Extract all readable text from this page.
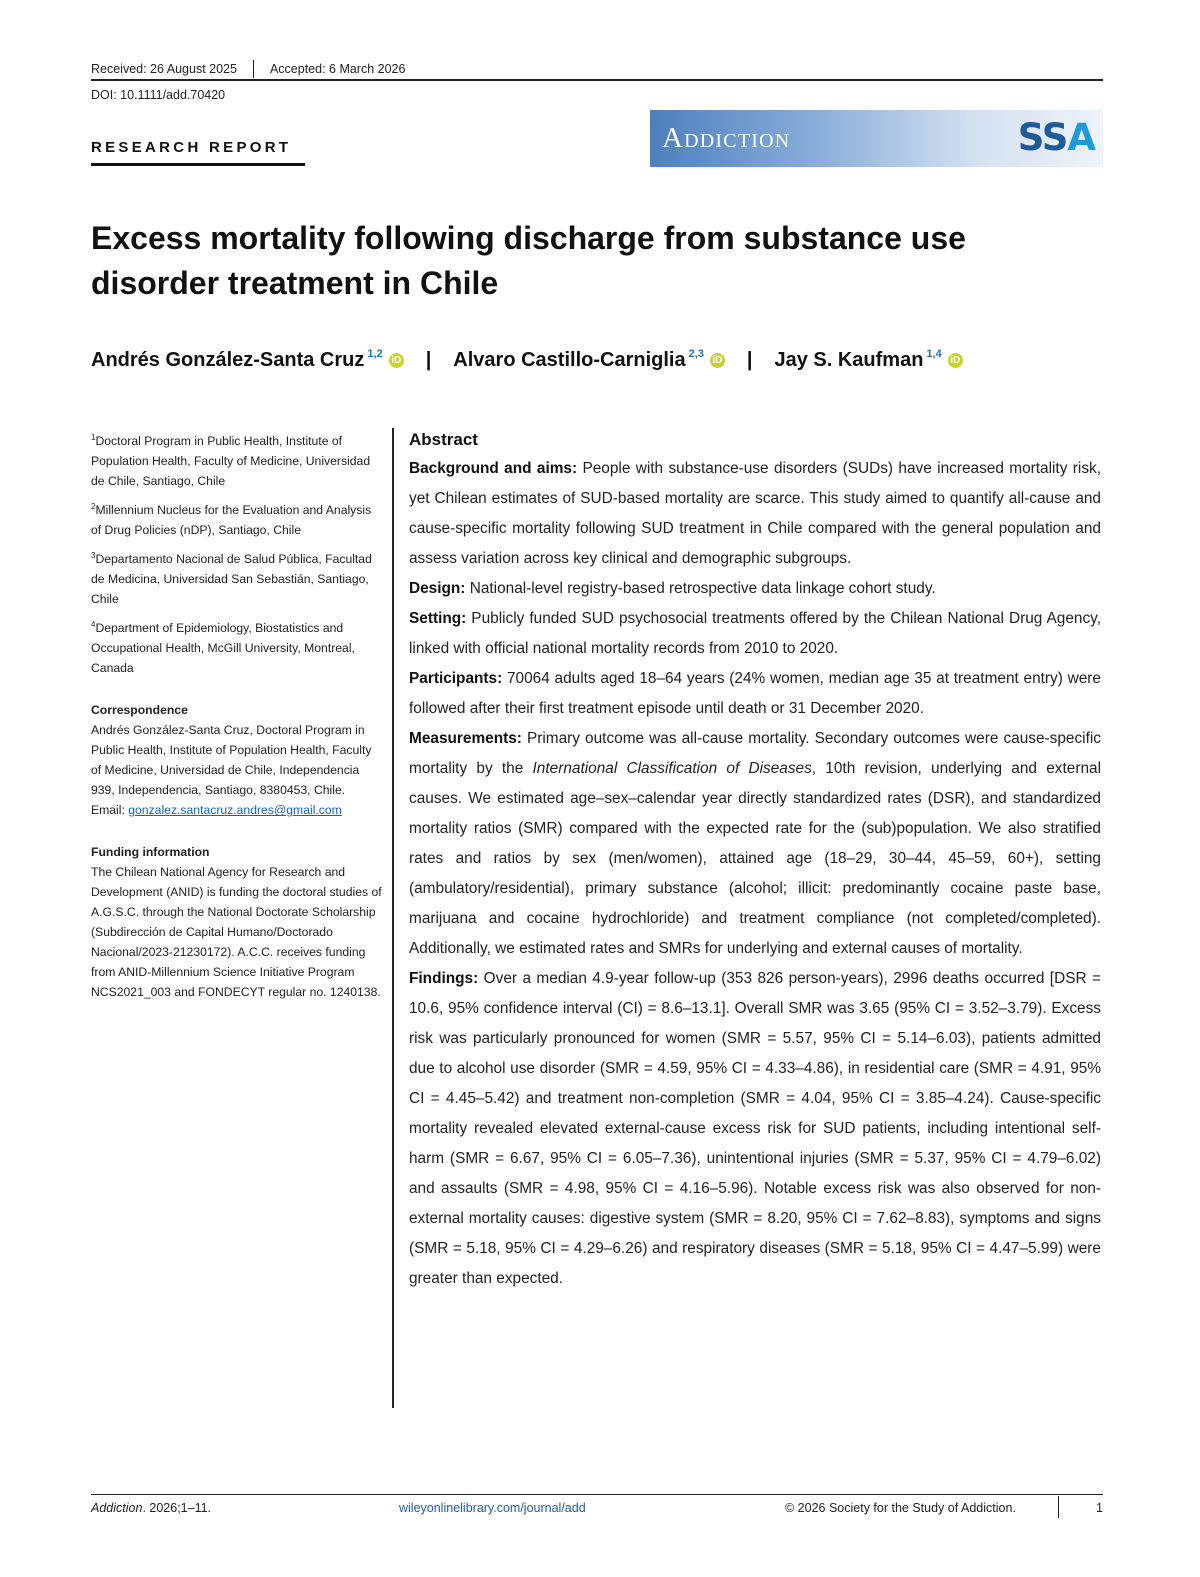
Received: 26 August 2025	Accepted: 6 March 2026
DOI: 10.1111/add.70420
RESEARCH REPORT	Addiction	SSA
Excess mortality following discharge from substance use disorder treatment in Chile
Andrés González-Santa Cruz $^{1,2}$
iD | Alvaro Castillo-Carniglia $^{2,3}$
iD | Jay S. Kaufman $^{1,4}$
iD
$^1$Doctoral Program in Public Health, Institute of Population Health, Faculty of Medicine, Universidad de Chile, Santiago, Chile
$^2$Millennium Nucleus for the Evaluation and Analysis of Drug Policies (nDP), Santiago, Chile
$^3$Departamento Nacional de Salud Pública, Facultad de Medicina, Universidad San Sebastián, Santiago, Chile
$^4$Department of Epidemiology, Biostatistics and Occupational Health, McGill University, Montreal, Canada
Correspondence
Andrés González-Santa Cruz, Doctoral Program in Public Health, Institute of Population Health, Faculty of Medicine, Universidad de Chile, Independencia 939, Independencia, Santiago, 8380453, Chile.
Email: gonzalez.santacruz.andres@gmail.com
Funding information
The Chilean National Agency for Research and Development (ANID) is funding the doctoral studies of A.G.S.C. through the National Doctorate Scholarship (Subdirección de Capital Humano/Doctorado Nacional/2023-21230172). A.C.C. receives funding from ANID-Millennium Science Initiative Program NCS2021_003 and FONDECYT regular no. 1240138.
Abstract

Background and aims: People with substance-use disorders (SUDs) have increased mortality risk, yet Chilean estimates of SUD-based mortality are scarce. This study aimed to quantify all-cause and cause-specific mortality following SUD treatment in Chile compared with the general population and assess variation across key clinical and demographic subgroups.

Design: National-level registry-based retrospective data linkage cohort study.

Setting: Publicly funded SUD psychosocial treatments offered by the Chilean National Drug Agency, linked with official national mortality records from 2010 to 2020.

Participants: 70064 adults aged 18–64 years (24% women, median age 35 at treatment entry) were followed after their first treatment episode until death or 31 December 2020.

Measurements: Primary outcome was all-cause mortality. Secondary outcomes were cause-specific mortality by the International Classification of Diseases, 10th revision, underlying and external causes. We estimated age–sex–calendar year directly standardized rates (DSR), and standardized mortality ratios (SMR) compared with the expected rate for the (sub)population. We also stratified rates and ratios by sex (men/women), attained age (18–29, 30–44, 45–59, 60+), setting (ambulatory/residential), primary substance (alcohol; illicit: predominantly cocaine paste base, marijuana and cocaine hydrochloride) and treatment compliance (not completed/completed). Additionally, we estimated rates and SMRs for underlying and external causes of mortality.

Findings: Over a median 4.9-year follow-up (353 826 person-years), 2996 deaths occurred [DSR = 10.6, 95% confidence interval (CI) = 8.6–13.1]. Overall SMR was 3.65 (95% CI = 3.52–3.79). Excess risk was particularly pronounced for women (SMR = 5.57, 95% CI = 5.14–6.03), patients admitted due to alcohol use disorder (SMR = 4.59, 95% CI = 4.33–4.86), in residential care (SMR = 4.91, 95% CI = 4.45–5.42) and treatment non-completion (SMR = 4.04, 95% CI = 3.85–4.24). Cause-specific mortality revealed elevated external-cause excess risk for SUD patients, including intentional self-harm (SMR = 6.67, 95% CI = 6.05–7.36), unintentional injuries (SMR = 5.37, 95% CI = 4.79–6.02) and assaults (SMR = 4.98, 95% CI = 4.16–5.96). Notable excess risk was also observed for non-external mortality causes: digestive system (SMR = 8.20, 95% CI = 7.62–8.83), symptoms and signs (SMR = 5.18, 95% CI = 4.29–6.26) and respiratory diseases (SMR = 5.18, 95% CI = 4.47–5.99) were greater than expected.

Addiction. 2026;1–11.	wileyonlinelibrary.com/journal/add	© 2026 Society for the Study of Addiction.	1
